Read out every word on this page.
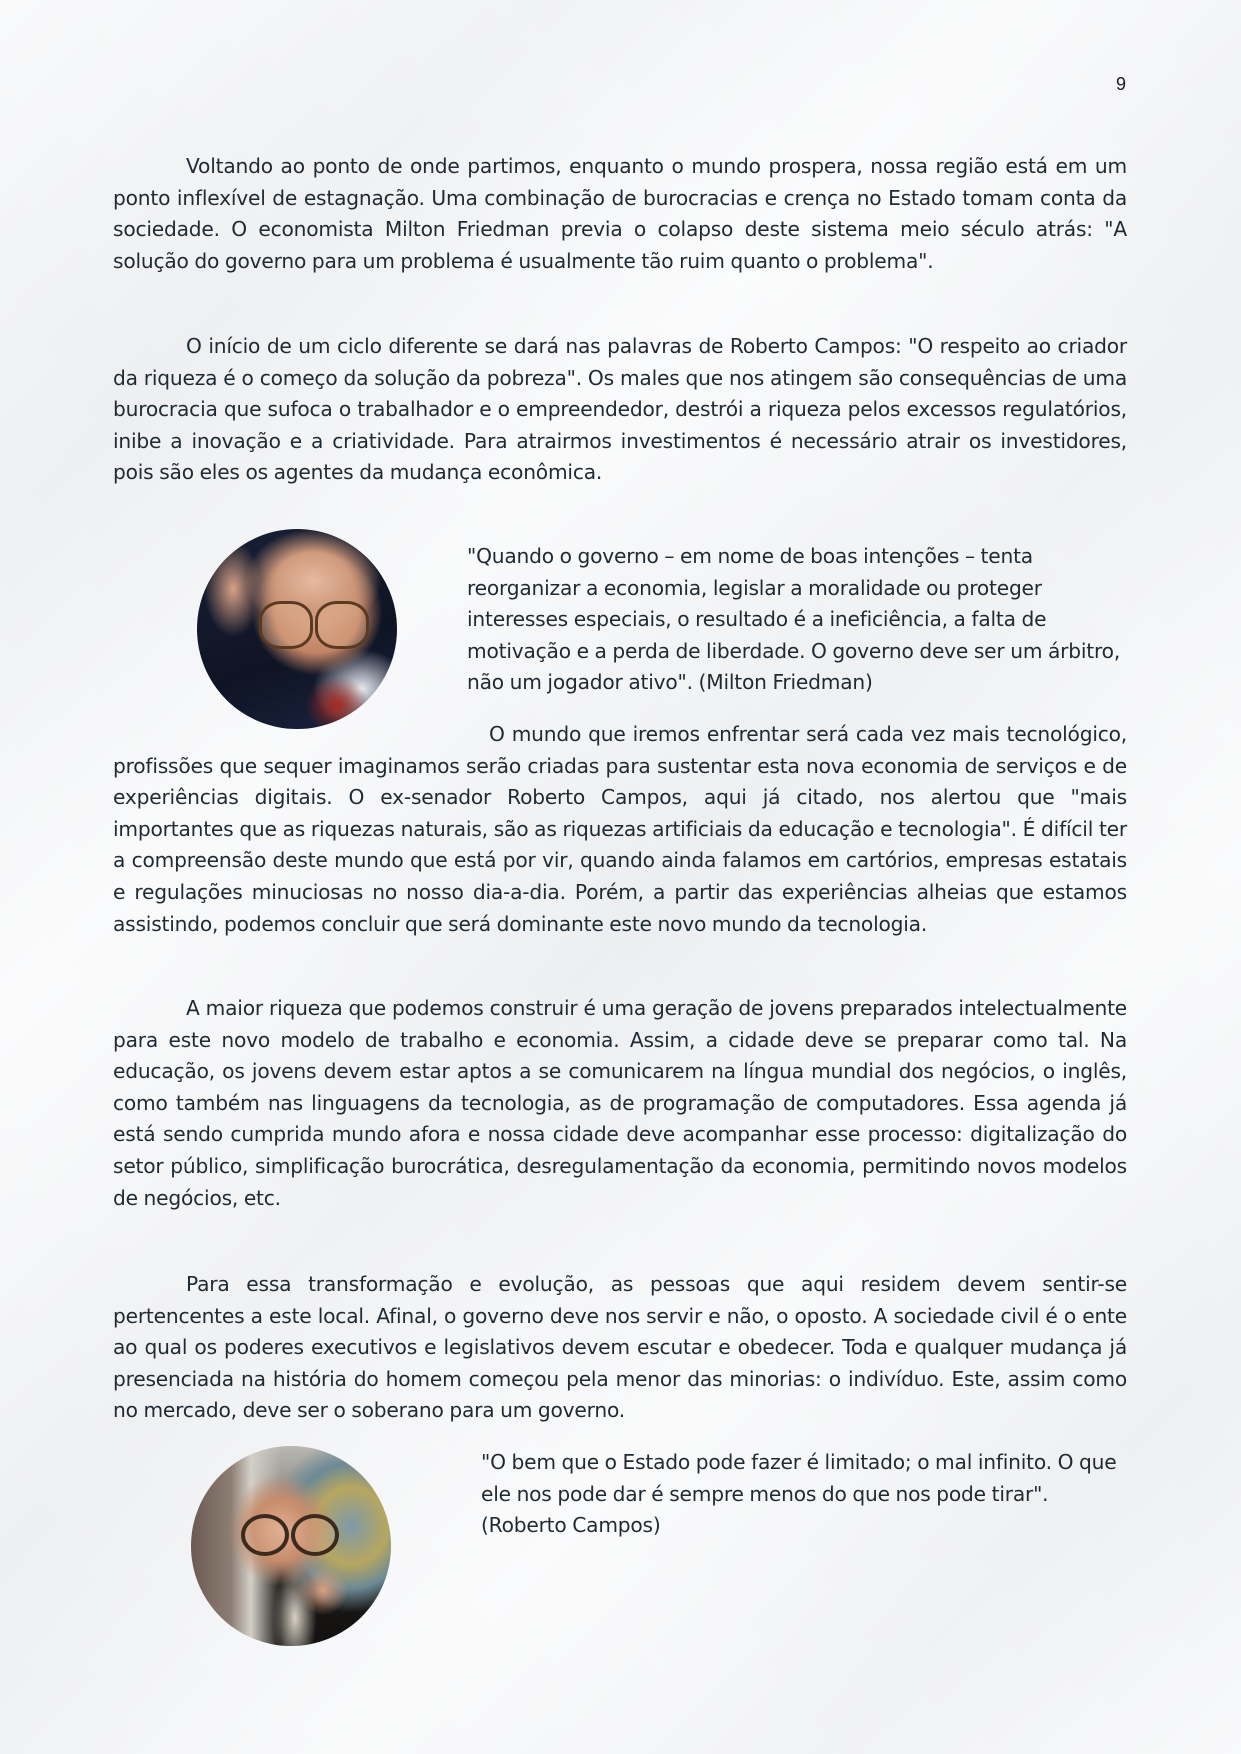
9

Voltando ao ponto de onde partimos, enquanto o mundo prospera, nossa região está em um ponto inflexível de estagnação. Uma combinação de burocracias e crença no Estado tomam conta da sociedade. O economista Milton Friedman previa o colapso deste sistema meio século atrás: "A solução do governo para um problema é usualmente tão ruim quanto o problema".

O início de um ciclo diferente se dará nas palavras de Roberto Campos: "O respeito ao criador da riqueza é o começo da solução da pobreza". Os males que nos atingem são consequências de uma burocracia que sufoca o trabalhador e o empreendedor, destrói a riqueza pelos excessos regulatórios, inibe a inovação e a criatividade. Para atrairmos investimentos é necessário atrair os investidores, pois são eles os agentes da mudança econômica.

"Quando o governo – em nome de boas intenções – tenta reorganizar a economia, legislar a moralidade ou proteger interesses especiais, o resultado é a ineficiência, a falta de motivação e a perda de liberdade. O governo deve ser um árbitro, não um jogador ativo". (Milton Friedman)

O mundo que iremos enfrentar será cada vez mais tecnológico, profissões que sequer imaginamos serão criadas para sustentar esta nova economia de serviços e de experiências digitais. O ex-senador Roberto Campos, aqui já citado, nos alertou que "mais importantes que as riquezas naturais, são as riquezas artificiais da educação e tecnologia". É difícil ter a compreensão deste mundo que está por vir, quando ainda falamos em cartórios, empresas estatais e regulações minuciosas no nosso dia-a-dia. Porém, a partir das experiências alheias que estamos assistindo, podemos concluir que será dominante este novo mundo da tecnologia.

A maior riqueza que podemos construir é uma geração de jovens preparados intelectualmente para este novo modelo de trabalho e economia. Assim, a cidade deve se preparar como tal. Na educação, os jovens devem estar aptos a se comunicarem na língua mundial dos negócios, o inglês, como também nas linguagens da tecnologia, as de programação de computadores. Essa agenda já está sendo cumprida mundo afora e nossa cidade deve acompanhar esse processo: digitalização do setor público, simplificação burocrática, desregulamentação da economia, permitindo novos modelos de negócios, etc.

Para essa transformação e evolução, as pessoas que aqui residem devem sentir-se pertencentes a este local. Afinal, o governo deve nos servir e não, o oposto. A sociedade civil é o ente ao qual os poderes executivos e legislativos devem escutar e obedecer. Toda e qualquer mudança já presenciada na história do homem começou pela menor das minorias: o indivíduo. Este, assim como no mercado, deve ser o soberano para um governo.

"O bem que o Estado pode fazer é limitado; o mal infinito. O que ele nos pode dar é sempre menos do que nos pode tirar". (Roberto Campos)
